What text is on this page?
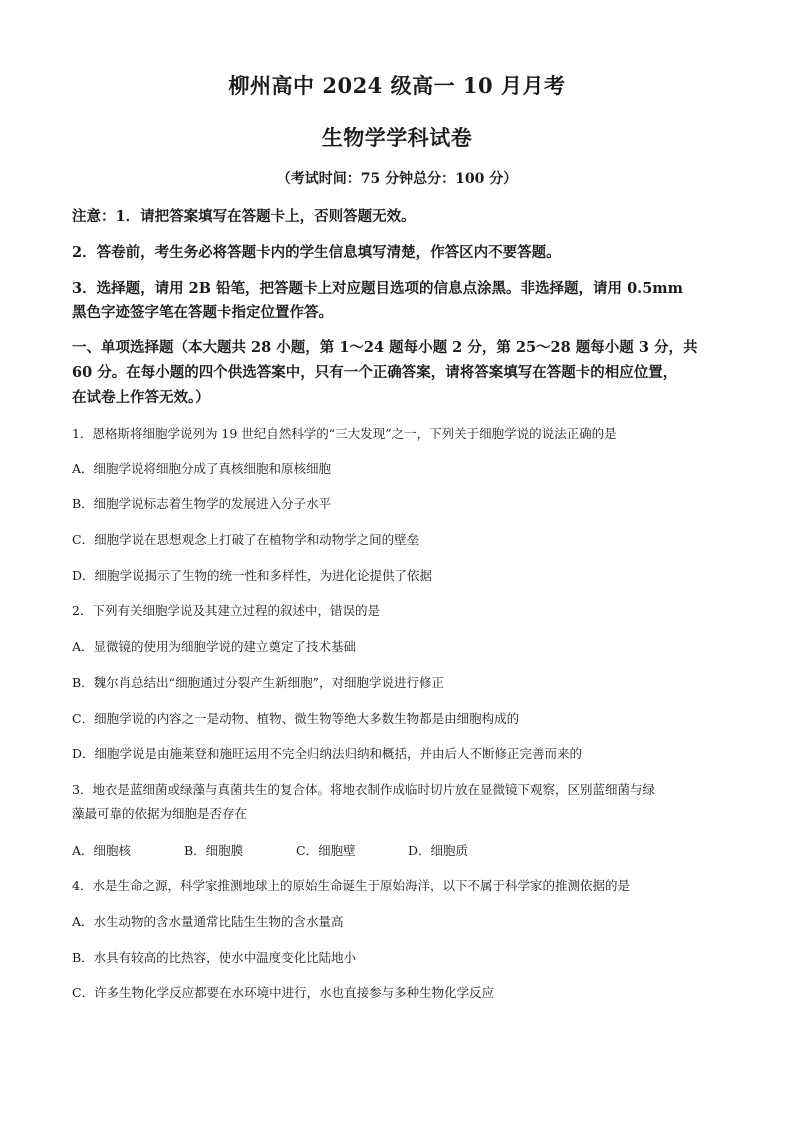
柳州高中 2024 级高一 10 月月考
生物学学科试卷
（考试时间：75 分钟总分：100 分）
注意：1．请把答案填写在答题卡上，否则答题无效。
2．答卷前，考生务必将答题卡内的学生信息填写清楚，作答区内不要答题。
3．选择题，请用 2B 铅笔，把答题卡上对应题目选项的信息点涂黑。非选择题，请用 0.5mm
黑色字迹签字笔在答题卡指定位置作答。
一、单项选择题（本大题共 28 小题，第 1～24 题每小题 2 分，第 25～28 题每小题 3 分，共
60 分。在每小题的四个供选答案中，只有一个正确答案，请将答案填写在答题卡的相应位置，
在试卷上作答无效。）
1．恩格斯将细胞学说列为 19 世纪自然科学的“三大发现”之一，下列关于细胞学说的说法正确的是
A．细胞学说将细胞分成了真核细胞和原核细胞
B．细胞学说标志着生物学的发展进入分子水平
C．细胞学说在思想观念上打破了在植物学和动物学之间的壁垒
D．细胞学说揭示了生物的统一性和多样性，为进化论提供了依据
2．下列有关细胞学说及其建立过程的叙述中，错误的是
A．显微镜的使用为细胞学说的建立奠定了技术基础
B．魏尔肖总结出“细胞通过分裂产生新细胞”，对细胞学说进行修正
C．细胞学说的内容之一是动物、植物、微生物等绝大多数生物都是由细胞构成的
D．细胞学说是由施莱登和施旺运用不完全归纳法归纳和概括，并由后人不断修正完善而来的
3．地衣是蓝细菌或绿藻与真菌共生的复合体。将地衣制作成临时切片放在显微镜下观察，区别蓝细菌与绿
藻最可靠的依据为细胞是否存在
A．细胞核	B．细胞膜	C．细胞壁	D．细胞质
4．水是生命之源，科学家推测地球上的原始生命诞生于原始海洋，以下不属于科学家的推测依据的是
A．水生动物的含水量通常比陆生生物的含水量高
B．水具有较高的比热容，使水中温度变化比陆地小
C．许多生物化学反应都要在水环境中进行，水也直接参与多种生物化学反应
